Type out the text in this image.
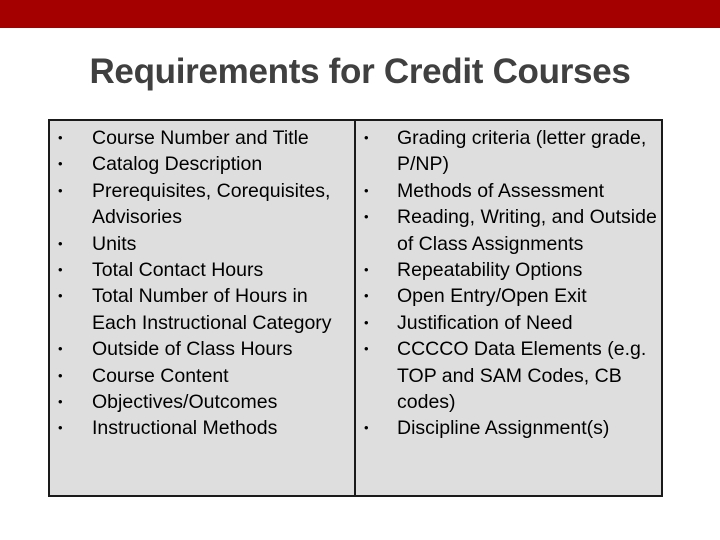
Requirements for Credit Courses
• Course Number and Title
• Catalog Description
• Prerequisites, Corequisites, Advisories
• Units
• Total Contact Hours
• Total Number of Hours in Each Instructional Category
• Outside of Class Hours
• Course Content
• Objectives/Outcomes
• Instructional Methods
• Grading criteria (letter grade, P/NP)
• Methods of Assessment
• Reading, Writing, and Outside of Class Assignments
• Repeatability Options
• Open Entry/Open Exit
• Justification of Need
• CCCCO Data Elements (e.g. TOP and SAM Codes, CB codes)
• Discipline Assignment(s)
